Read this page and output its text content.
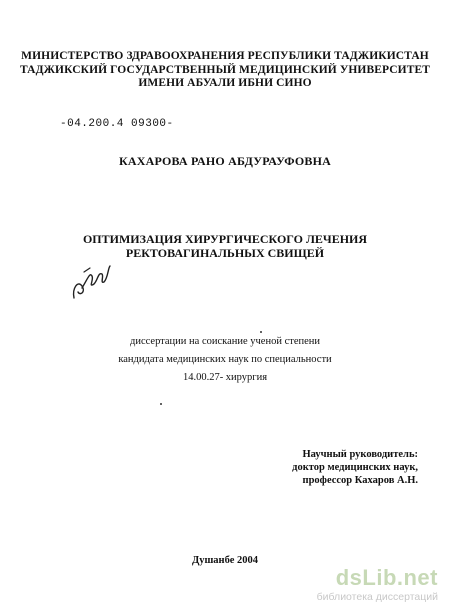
МИНИСТЕРСТВО ЗДРАВООХРАНЕНИЯ РЕСПУБЛИКИ ТАДЖИКИСТАН
ТАДЖИКСКИЙ ГОСУДАРСТВЕННЫЙ МЕДИЦИНСКИЙ УНИВЕРСИТЕТ
ИМЕНИ АБУАЛИ ИБНИ СИНО
-04.200.4 09300-
КАХАРОВА РАНО АБДУРАУФОВНА
ОПТИМИЗАЦИЯ ХИРУРГИЧЕСКОГО ЛЕЧЕНИЯ
РЕКТОВАГИНАЛЬНЫХ СВИЩЕЙ
диссертации на соискание ученой степени
кандидата медицинских наук по специальности
14.00.27- хирургия
Научный руководитель:
доктор медицинских наук,
профессор Кахаров А.Н.
Душанбе 2004
dsLib.net
библиотека диссертаций
